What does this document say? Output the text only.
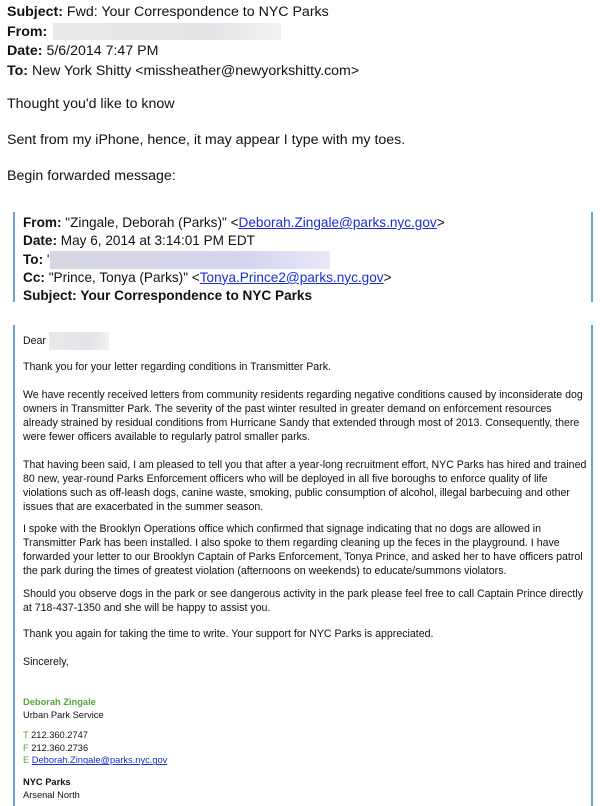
Subject: Fwd: Your Correspondence to NYC Parks
From:
Date: 5/6/2014 7:47 PM
To: New York Shitty <missheather@newyorkshitty.com>
Thought you'd like to know
Sent from my iPhone, hence, it may appear I type with my toes.
Begin forwarded message:
From: "Zingale, Deborah (Parks)" <Deborah.Zingale@parks.nyc.gov>
Date: May 6, 2014 at 3:14:01 PM EDT
To: '
Cc: "Prince, Tonya (Parks)" <Tonya.Prince2@parks.nyc.gov>
Subject: Your Correspondence to NYC Parks
Dear

Thank you for your letter regarding conditions in Transmitter Park.

We have recently received letters from community residents regarding negative conditions caused by inconsiderate dog owners in Transmitter Park. The severity of the past winter resulted in greater demand on enforcement resources already strained by residual conditions from Hurricane Sandy that extended through most of 2013. Consequently, there were fewer officers available to regularly patrol smaller parks.

That having been said, I am pleased to tell you that after a year-long recruitment effort, NYC Parks has hired and trained 80 new, year-round Parks Enforcement officers who will be deployed in all five boroughs to enforce quality of life violations such as off-leash dogs, canine waste, smoking, public consumption of alcohol, illegal barbecuing and other issues that are exacerbated in the summer season.

I spoke with the Brooklyn Operations office which confirmed that signage indicating that no dogs are allowed in Transmitter Park has been installed. I also spoke to them regarding cleaning up the feces in the playground. I have forwarded your letter to our Brooklyn Captain of Parks Enforcement, Tonya Prince, and asked her to have officers patrol the park during the times of greatest violation (afternoons on weekends) to educate/summons violators.

Should you observe dogs in the park or see dangerous activity in the park please feel free to call Captain Prince directly at 718-437-1350 and she will be happy to assist you.

Thank you again for taking the time to write. Your support for NYC Parks is appreciated.

Sincerely,
Deborah Zingale
Urban Park Service
T 212.360.2747
F 212.360.2736
E Deborah.Zingale@parks.nyc.gov
NYC Parks
Arsenal North
